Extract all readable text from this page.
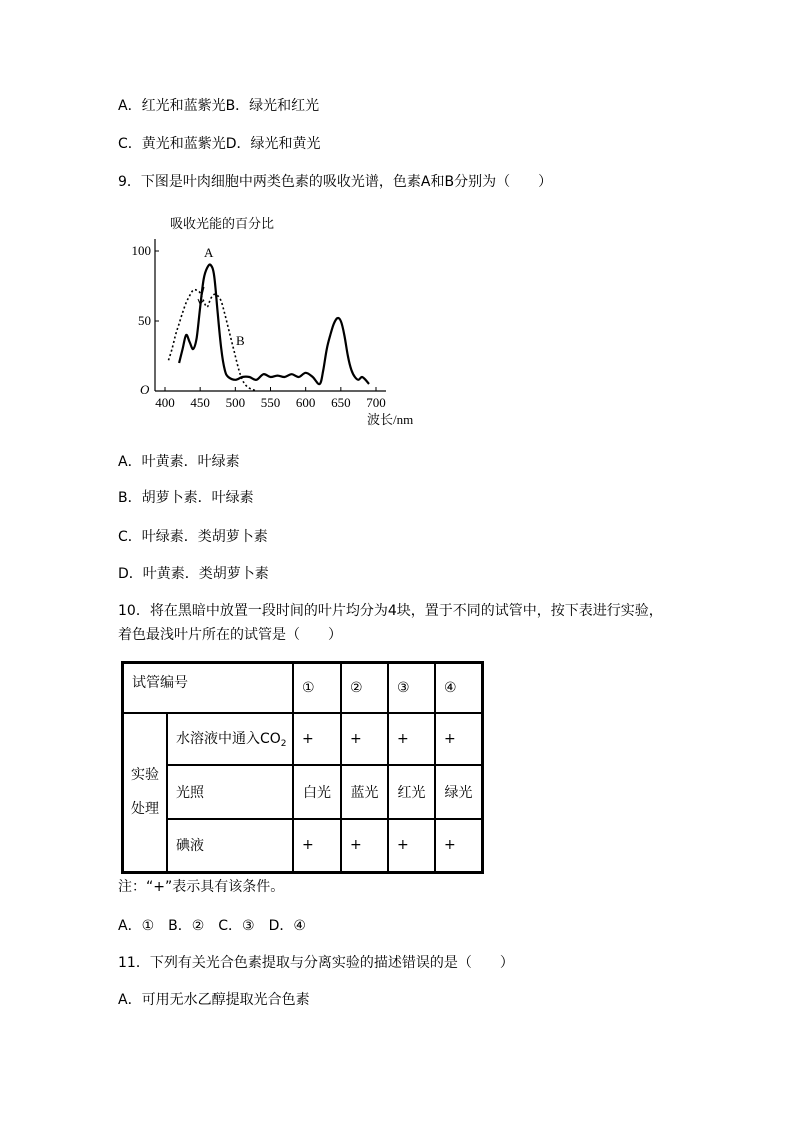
A．红光和蓝紫光B．绿光和红光
C．黄光和蓝紫光D．绿光和黄光
9．下图是叶肉细胞中两类色素的吸收光谱，色素A和B分别为（　　）
吸收光能的百分比
100
50
400 450 500 550 600 650 700
O
波长/nm
A
B
A．叶黄素．叶绿素
B．胡萝卜素．叶绿素
C．叶绿素．类胡萝卜素
D．叶黄素．类胡萝卜素
10．将在黑暗中放置一段时间的叶片均分为4块，置于不同的试管中，按下表进行实验，
着色最浅叶片所在的试管是（　　）
试管编号		①	②	③	④

实验
处理	水溶液中通入$CO_2$	+	+	+	+
	光照	白光	蓝光	红光	绿光
	碘液	+	+	+	+
注：“+”表示具有该条件。
A．①　B．②　C．③　D．④
11．下列有关光合色素提取与分离实验的描述错误的是（　　）
A．可用无水乙醇提取光合色素
